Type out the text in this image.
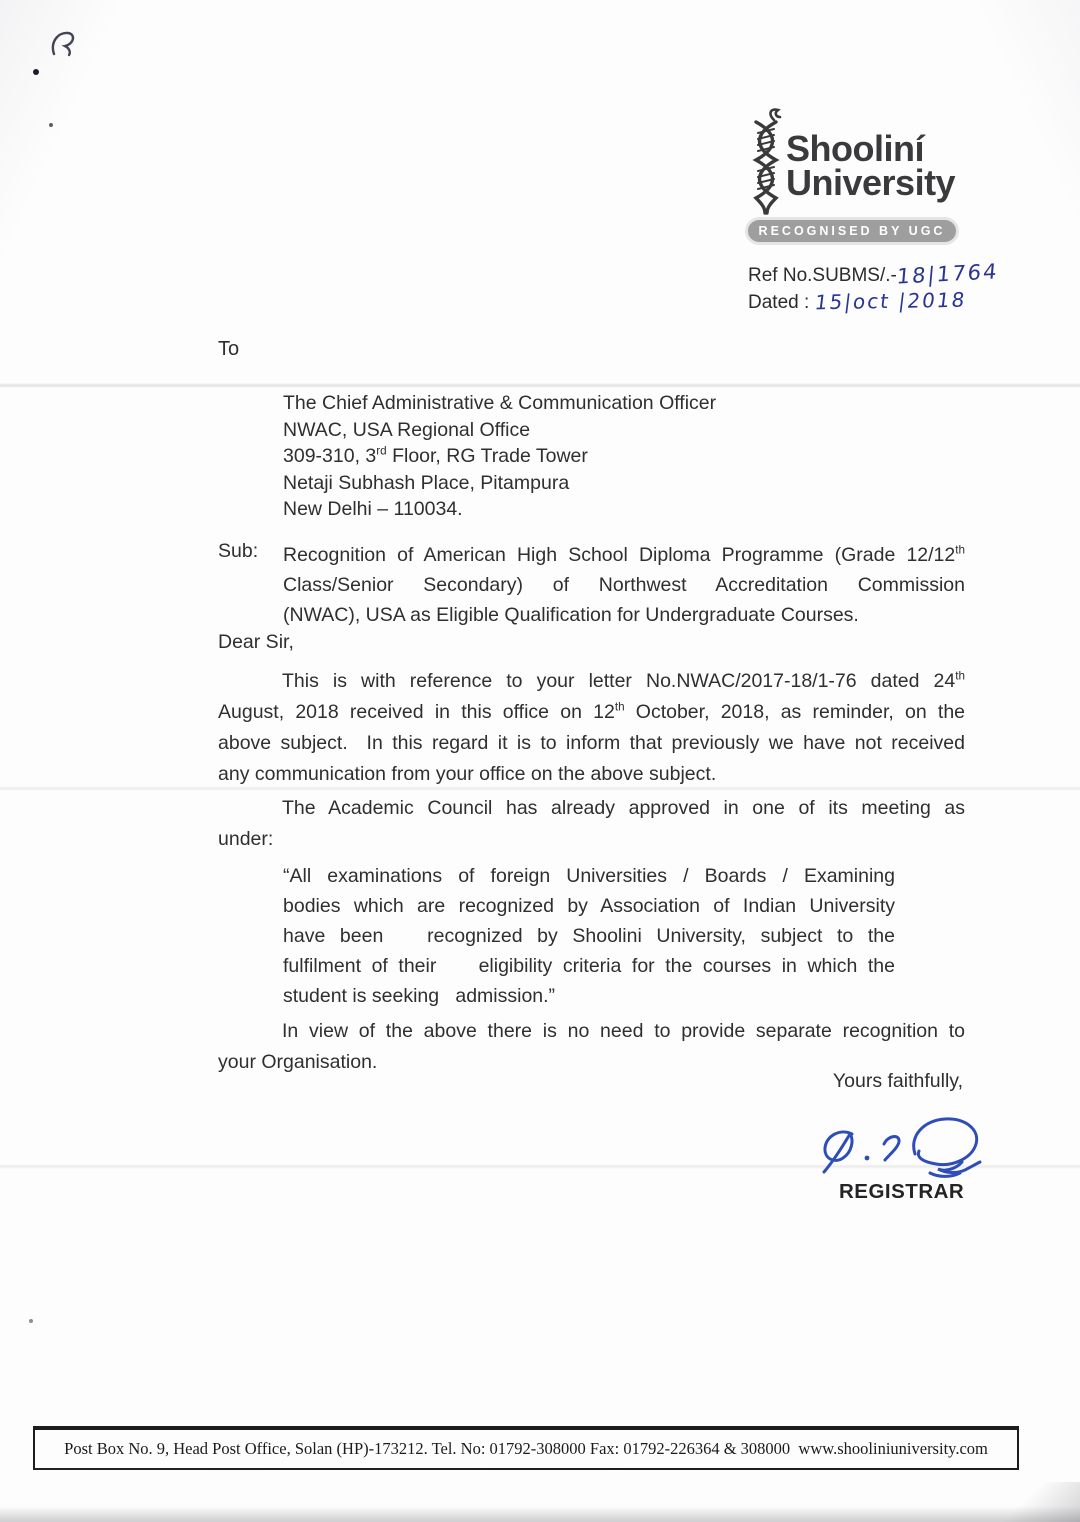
Shooliní
University
RECOGNISED BY UGC
Ref No.SUBMS/.-18|1764
Dated : 15|oct |2018
To
The Chief Administrative & Communication Officer
NWAC, USA Regional Office
309-310, 3rd Floor, RG Trade Tower
Netaji Subhash Place, Pitampura
New Delhi – 110034.
Sub: Recognition of American High School Diploma Programme (Grade 12/12th
Class/Senior Secondary) of Northwest Accreditation Commission
(NWAC), USA as Eligible Qualification for Undergraduate Courses.
Dear Sir,
This is with reference to your letter No.NWAC/2017-18/1-76 dated 24th
August, 2018 received in this office on 12th October, 2018, as reminder, on the
above subject.  In this regard it is to inform that previously we have not received
any communication from your office on the above subject.
The Academic Council has already approved in one of its meeting as
under:
“All examinations of foreign Universities / Boards / Examining
bodies which are recognized by Association of Indian University
have been   recognized by Shoolini University, subject to the
fulfilment of their    eligibility criteria for the courses in which the
student is seeking   admission.”
In view of the above there is no need to provide separate recognition to
your Organisation.
Yours faithfully,
REGISTRAR
Post Box No. 9, Head Post Office, Solan (HP)-173212. Tel. No: 01792-308000 Fax: 01792-226364 & 308000  www.shooliniuniversity.com
